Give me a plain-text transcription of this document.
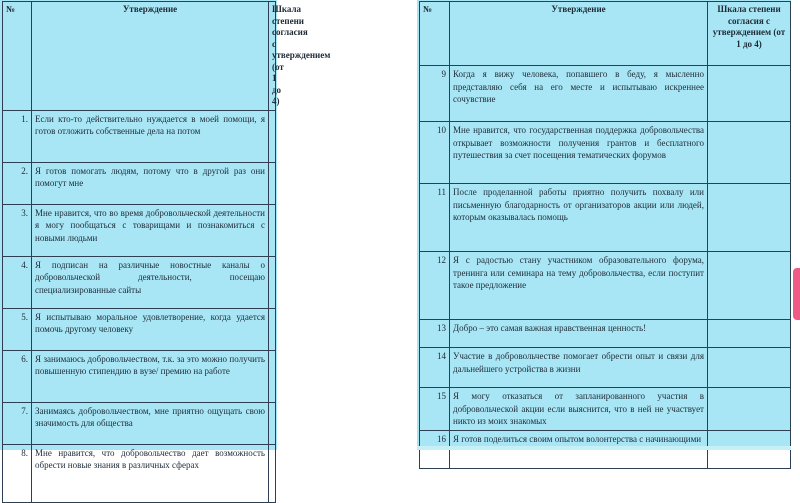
№	Утверждение	Шкала степени согласия с утверждением (от 1 до 4)
1.	Если кто-то действительно нуждается в моей помощи, я готов отложить собственные дела на потом	
2.	Я готов помогать людям, потому что в другой раз они помогут мне	
3.	Мне нравится, что во время добровольческой деятельности я могу пообщаться с товарищами и познакомиться с новыми людьми	
4.	Я подписан на различные новостные каналы о добровольческой деятельности, посещаю специализированные сайты	
5.	Я испытываю моральное удовлетворение, когда удается помочь другому человеку	
6.	Я занимаюсь добровольчеством, т.к. за это можно получить повышенную стипендию в вузе/ премию на работе	
7.	Занимаясь добровольчеством, мне приятно ощущать свою значимость для общества	
8.	Мне нравится, что добровольчество дает возможность обрести новые знания в различных сферах	
№	Утверждение	Шкала степени согласия с утверждением (от 1 до 4)
9	Когда я вижу человека, попавшего в беду, я мысленно представляю себя на его месте и испытываю искреннее сочувствие	
10	Мне нравится, что государственная поддержка добровольчества открывает возможности получения грантов и бесплатного путешествия за счет посещения тематических форумов	
11	После проделанной работы приятно получить похвалу или письменную благодарность от организаторов акции или людей, которым оказывалась помощь	
12	Я с радостью стану участником образовательного форума, тренинга или семинара на тему добровольчества, если поступит такое предложение	
13	Добро – это самая важная нравственная ценность!	
14	Участие в добровольчестве помогает обрести опыт и связи для дальнейшего устройства в жизни	
15	Я могу отказаться от запланированного участия в добровольческой акции если выяснится, что в ней не участвует никто из моих знакомых	
16	Я готов поделиться своим опытом волонтерства с начинающими	
